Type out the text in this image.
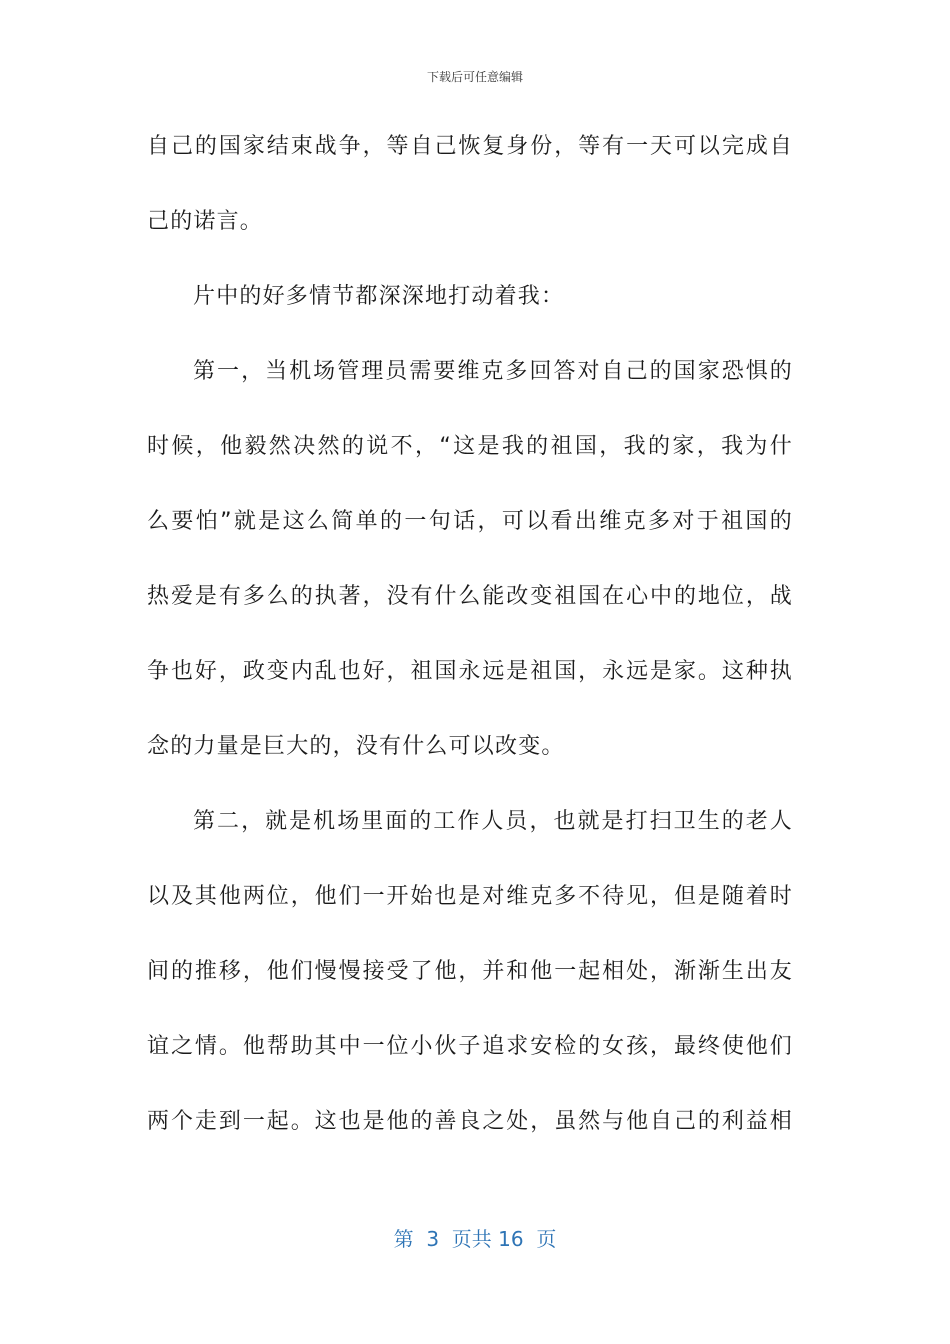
下载后可任意编辑
自己的国家结束战争，等自己恢复身份，等有一天可以完成自
己的诺言。
片中的好多情节都深深地打动着我：
第一，当机场管理员需要维克多回答对自己的国家恐惧的
时候，他毅然决然的说不，“这是我的祖国，我的家，我为什
么要怕”就是这么简单的一句话，可以看出维克多对于祖国的
热爱是有多么的执著，没有什么能改变祖国在心中的地位，战
争也好，政变内乱也好，祖国永远是祖国，永远是家。这种执
念的力量是巨大的，没有什么可以改变。
第二，就是机场里面的工作人员，也就是打扫卫生的老人
以及其他两位，他们一开始也是对维克多不待见，但是随着时
间的推移，他们慢慢接受了他，并和他一起相处，渐渐生出友
谊之情。他帮助其中一位小伙子追求安检的女孩，最终使他们
两个走到一起。这也是他的善良之处，虽然与他自己的利益相
第  3  页共 16  页
